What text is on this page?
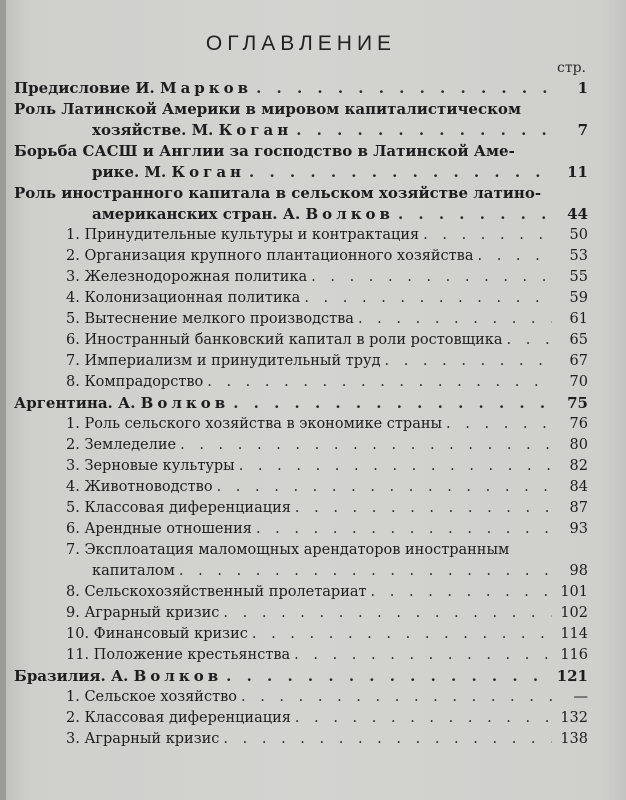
ОГЛАВЛЕНИЕ
стр.
Предисловие И. Марков . . .	1
Роль Латинской Америки в мировом капиталистическом
хозяйстве. М. Коган . . .	7
Борьба САСШ и Англии за господство в Латинской Аме-
рике. М. Коган . . .	11
Роль иностранного капитала в сельском хозяйстве латино-
американских стран. А. Волков . . .	44
1. Принудительные культуры и контрактация . . .	50
2. Организация крупного плантационного хозяйства . . .	53
3. Железнодорожная политика . . .	55
4. Колонизационная политика . . .	59
5. Вытеснение мелкого производства . . .	61
6. Иностранный банковский капитал в роли ростовщика . . .	65
7. Империализм и принудительный труд . . .	67
8. Компрадорство . . .	70
Аргентина. А. Волков . . .	75
1. Роль сельского хозяйства в экономике страны . . .	76
2. Земледелие . . .	80
3. Зерновые культуры . . .	82
4. Животноводство . . .	84
5. Классовая диференциация . . .	87
6. Арендные отношения . . .	93
7. Эксплоатация маломощных арендаторов иностранным
капиталом . . .	98
8. Сельскохозяйственный пролетариат . . .	101
9. Аграрный кризис . . .	102
10. Финансовый кризис . . .	114
11. Положение крестьянства . . .	116
Бразилия. А. Волков . . .	121
1. Сельское хозяйство . . .	—
2. Классовая диференциация . . .	132
3. Аграрный кризис . . .	138
